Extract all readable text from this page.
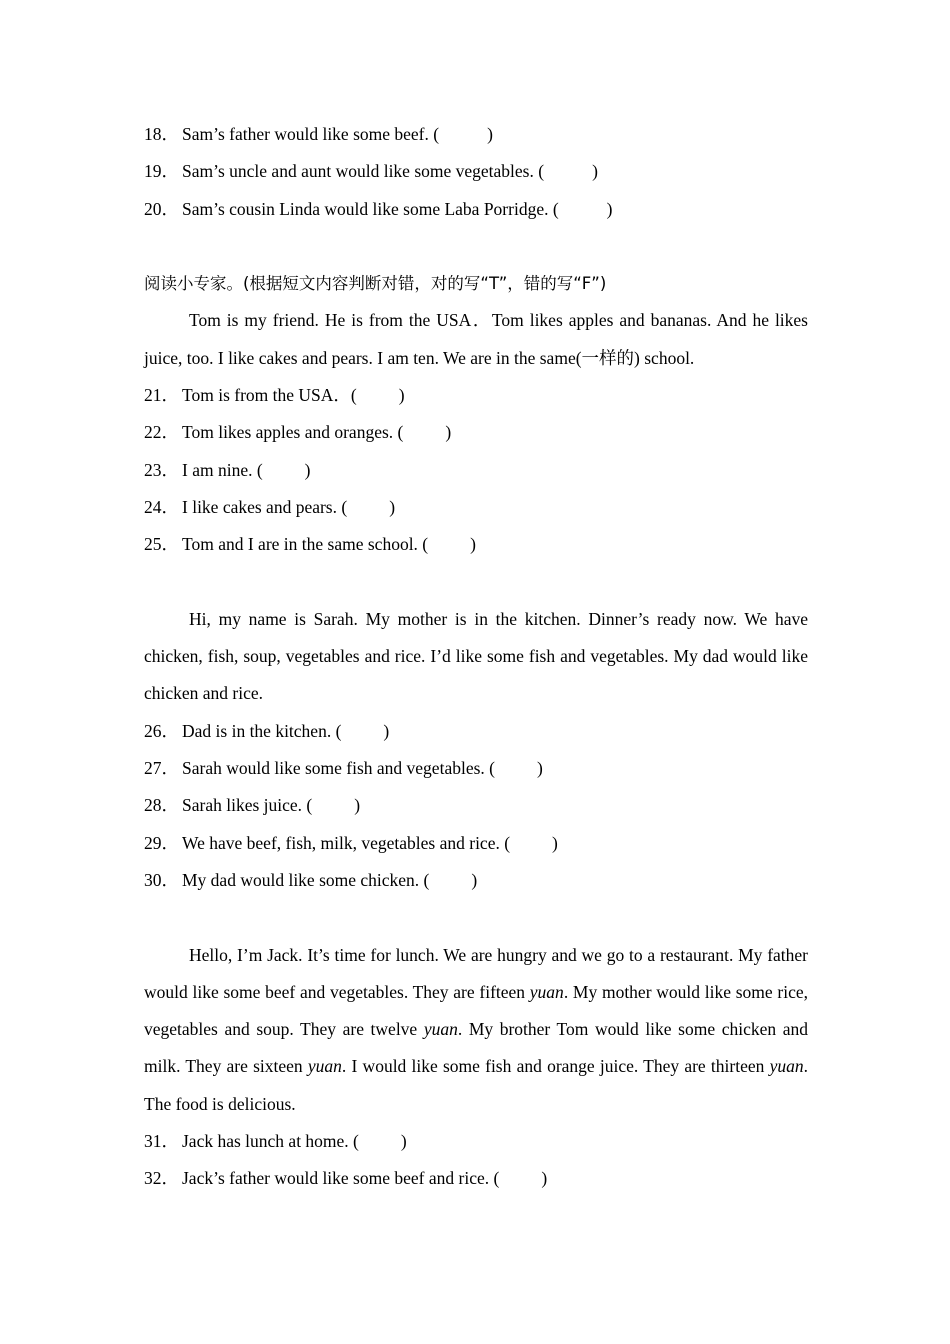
18． Sam’s father would like some beef. (	)
19． Sam’s uncle and aunt would like some vegetables. (	)
20． Sam’s cousin Linda would like some Laba Porridge. (	)
阅读小专家。(根据短文内容判断对错，对的写“T”，错的写“F”)

Tom is my friend. He is from the USA．Tom likes apples and bananas. And he likes juice, too. I like cakes and pears. I am ten. We are in the same(一样的) school.

21． Tom is from the USA．( )
22． Tom likes apples and oranges. ( )
23． I am nine. ( )
24． I like cakes and pears. ( )
25． Tom and I are in the same school. ( )

Hi, my name is Sarah. My mother is in the kitchen. Dinner’s ready now. We have chicken, fish, soup, vegetables and rice. I’d like some fish and vegetables. My dad would like chicken and rice.

26． Dad is in the kitchen. ( )
27． Sarah would like some fish and vegetables. ( )
28． Sarah likes juice. ( )
29． We have beef, fish, milk, vegetables and rice. ( )
30． My dad would like some chicken. ( )

Hello, I’m Jack. It’s time for lunch. We are hungry and we go to a restaurant. My father would like some beef and vegetables. They are fifteen yuan. My mother would like some rice, vegetables and soup. They are twelve yuan. My brother Tom would like some chicken and milk. They are sixteen yuan. I would like some fish and orange juice. They are thirteen yuan. The food is delicious.

31． Jack has lunch at home. ( )
32． Jack’s father would like some beef and rice. ( )
